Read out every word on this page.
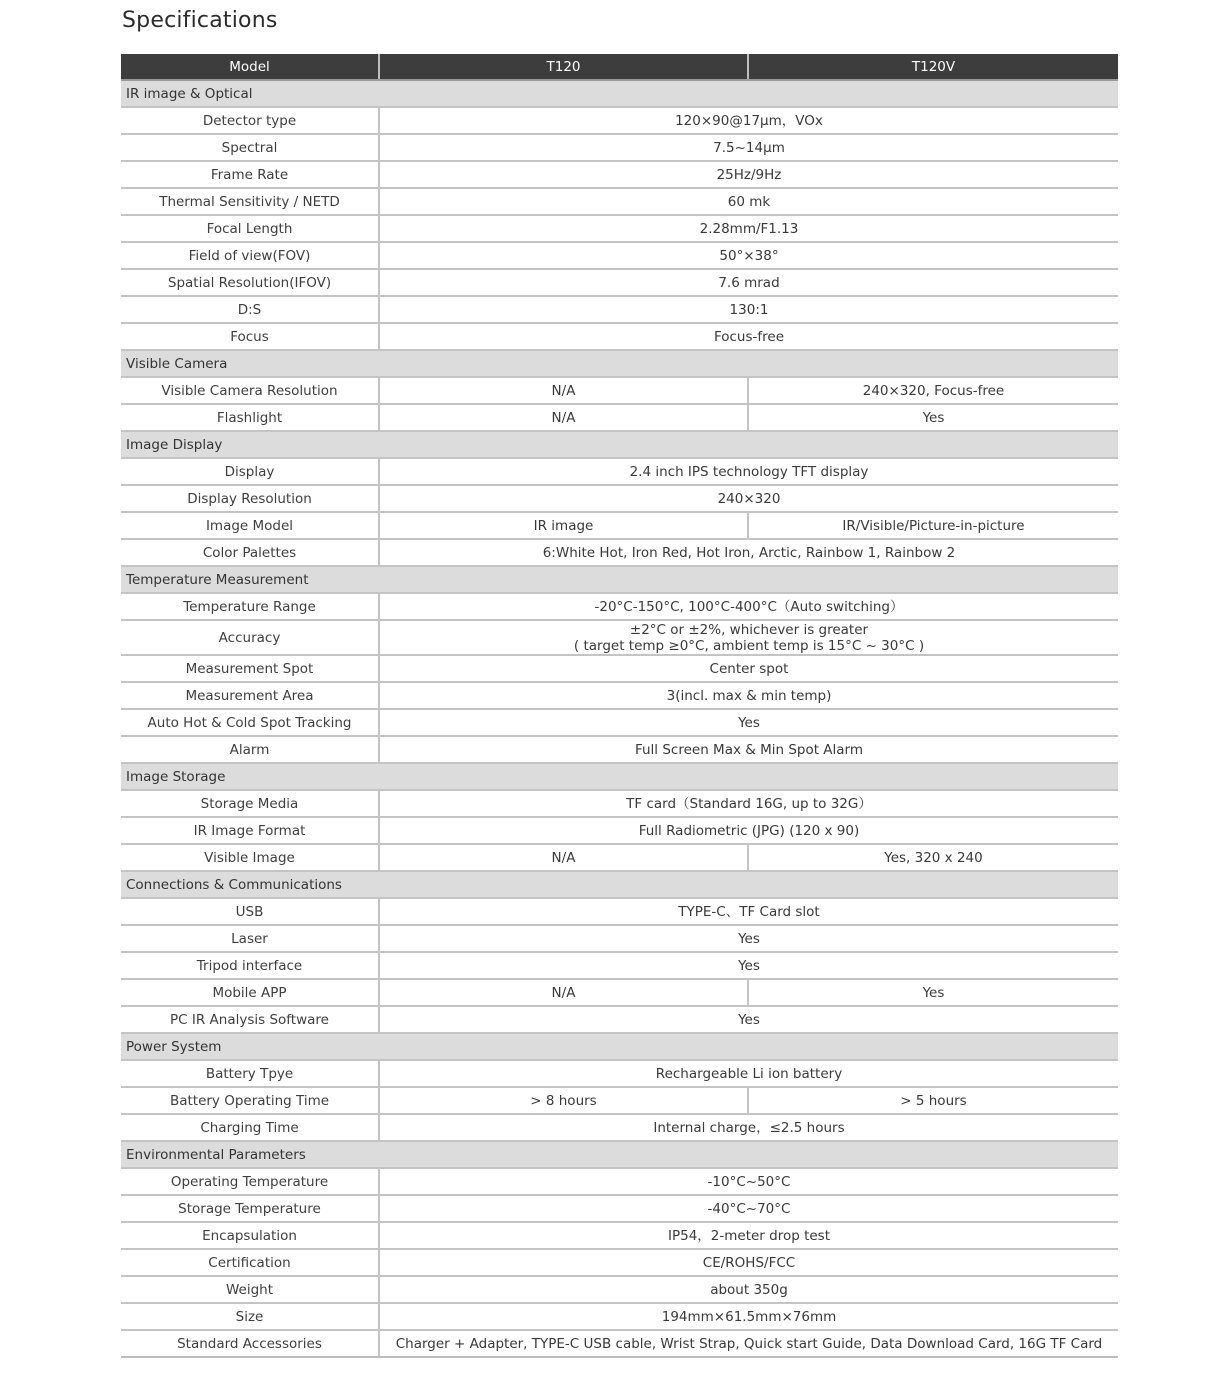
Specifications
Model	T120	T120V
IR image & Optical		
Detector type	120×90@17μm，VOx	
Spectral	7.5~14μm	
Frame Rate	25Hz/9Hz	
Thermal Sensitivity / NETD	60 mk	
Focal Length	2.28mm/F1.13	
Field of view(FOV)	50°×38°	
Spatial Resolution(IFOV)	7.6 mrad	
D:S	130:1	
Focus	Focus-free	
Visible Camera		
Visible Camera Resolution	N/A	240×320, Focus-free
Flashlight	N/A	Yes
Image Display		
Display	2.4 inch IPS technology TFT display	
Display Resolution	240×320	
Image Model	IR image	IR/Visible/Picture-in-picture
Color Palettes	6:White Hot, Iron Red, Hot Iron, Arctic, Rainbow 1, Rainbow 2	
Temperature Measurement		
Temperature Range	-20°C-150°C, 100°C-400°C（Auto switching）	
Accuracy	±2°C or ±2%, whichever is greater
( target temp ≥0°C, ambient temp is 15°C ~ 30°C )	

Measurement Spot	Center spot	
Measurement Area	3(incl. max & min temp)	
Auto Hot & Cold Spot Tracking	Yes	
Alarm	Full Screen Max & Min Spot Alarm	
Image Storage		
Storage Media	TF card（Standard 16G, up to 32G）	
IR Image Format	Full Radiometric (JPG) (120 x 90)	
Visible Image	N/A	Yes, 320 x 240
Connections & Communications		
USB	TYPE-C、TF Card slot	
Laser	Yes	
Tripod interface	Yes	
Mobile APP	N/A	Yes
PC IR Analysis Software	Yes	
Power System		
Battery Tpye	Rechargeable Li ion battery	
Battery Operating Time	> 8 hours	> 5 hours
Charging Time	Internal charge，≤2.5 hours	
Environmental Parameters		
Operating Temperature	-10°C~50°C	
Storage Temperature	-40°C~70°C	
Encapsulation	IP54，2-meter drop test	
Certification	CE/ROHS/FCC	
Weight	about 350g	
Size	194mm×61.5mm×76mm	
Standard Accessories	Charger + Adapter, TYPE-C USB cable, Wrist Strap, Quick start Guide, Data Download Card, 16G TF Card	
